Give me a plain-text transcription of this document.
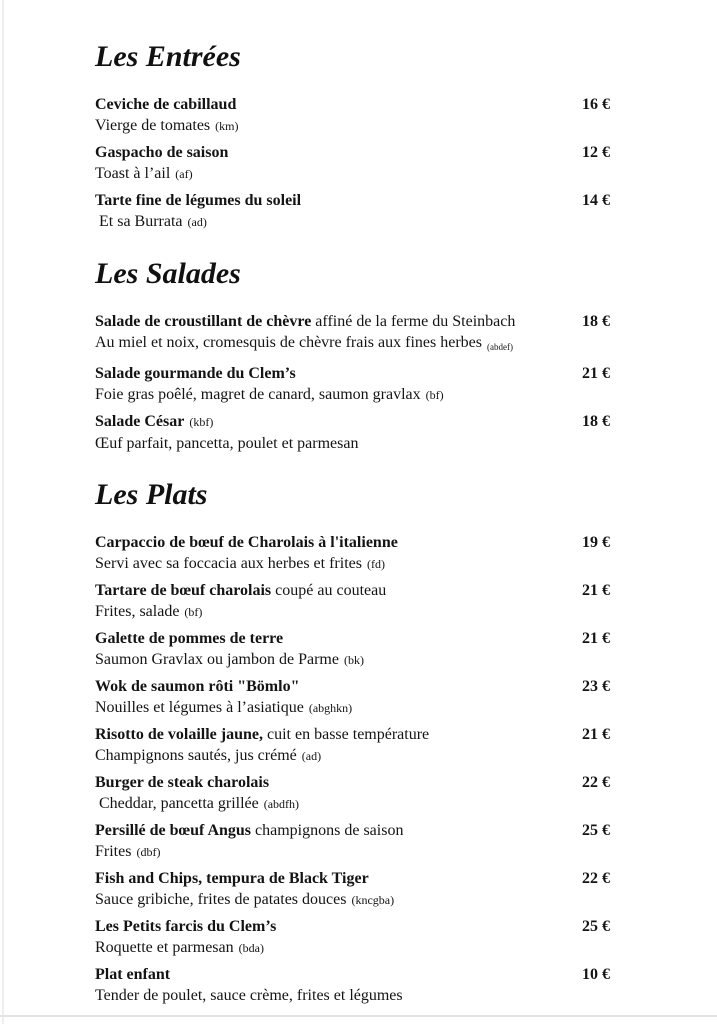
Les Entrées
Ceviche de cabillaud	16 €
Vierge de tomates (km)
Gaspacho de saison	12 €
Toast à l’ail (af)
Tarte fine de légumes du soleil	14 €
Et sa Burrata (ad)
Les Salades
Salade de croustillant de chèvre affiné de la ferme du Steinbach	18 €
Au miel et noix, cromesquis de chèvre frais aux fines herbes $_{(abdef)}$
Salade gourmande du Clem’s	21 €
Foie gras poêlé, magret de canard, saumon gravlax (bf)
Salade César (kbf)	18 €
Œuf parfait, pancetta, poulet et parmesan
Les Plats
Carpaccio de bœuf de Charolais à l'italienne	19 €
Servi avec sa foccacia aux herbes et frites (fd)
Tartare de bœuf charolais coupé au couteau	21 €
Frites, salade (bf)
Galette de pommes de terre	21 €
Saumon Gravlax ou jambon de Parme (bk)
Wok de saumon rôti "Bömlo"	23 €
Nouilles et légumes à l’asiatique (abghkn)
Risotto de volaille jaune, cuit en basse température	21 €
Champignons sautés, jus crémé (ad)
Burger de steak charolais	22 €
Cheddar, pancetta grillée (abdfh)
Persillé de bœuf Angus champignons de saison	25 €
Frites (dbf)
Fish and Chips, tempura de Black Tiger	22 €
Sauce gribiche, frites de patates douces (kncgba)
Les Petits farcis du Clem’s	25 €
Roquette et parmesan (bda)
Plat enfant	10 €
Tender de poulet, sauce crème, frites et légumes
